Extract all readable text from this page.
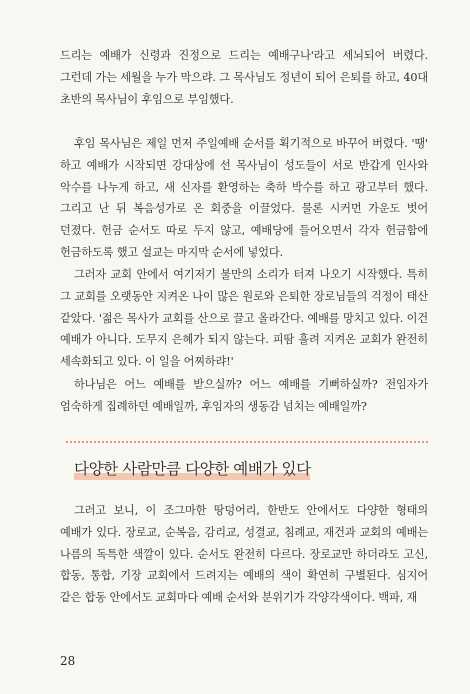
드리는 예배가 신령과 진정으로 드리는 예배구나'라고 세뇌되어 버렸다. 그런데 가는 세월을 누가 막으랴. 그 목사님도 정년이 되어 은퇴를 하고, 40대 초반의 목사님이 후임으로 부임했다.

후임 목사님은 제일 먼저 주일예배 순서를 획기적으로 바꾸어 버렸다. '땡' 하고 예배가 시작되면 강대상에 선 목사님이 성도들이 서로 반갑게 인사와 악수를 나누게 하고, 새 신자를 환영하는 축하 박수를 하고 광고부터 했다. 그리고 난 뒤 복음성가로 온 회중을 이끌었다. 물론 시커먼 가운도 벗어 던졌다. 헌금 순서도 따로 두지 않고, 예배당에 들어오면서 각자 헌금함에 헌금하도록 했고 설교는 마지막 순서에 넣었다.

그러자 교회 안에서 여기저기 불만의 소리가 터져 나오기 시작했다. 특히 그 교회를 오랫동안 지켜온 나이 많은 원로와 은퇴한 장로님들의 걱정이 태산 같았다. '젊은 목사가 교회를 산으로 끌고 올라간다. 예배를 망치고 있다. 이건 예배가 아니다. 도무지 은혜가 되지 않는다. 피땀 흘려 지켜온 교회가 완전히 세속화되고 있다. 이 일을 어찌하랴!'

하나님은 어느 예배를 받으실까? 어느 예배를 기뻐하실까? 전임자가 엄숙하게 집례하던 예배일까, 후임자의 생동감 넘치는 예배일까?

다양한 사람만큼 다양한 예배가 있다

그러고 보니, 이 조그마한 땅덩어리, 한반도 안에서도 다양한 형태의 예배가 있다. 장로교, 순복음, 감리교, 성결교, 침례교, 재건과 교회의 예배는 나름의 독특한 색깔이 있다. 순서도 완전히 다르다. 장로교만 하더라도 고신, 합동, 통합, 기장 교회에서 드려지는 예배의 색이 확연히 구별된다. 심지어 같은 합동 안에서도 교회마다 예배 순서와 분위기가 각양각색이다. 백파, 재

28
